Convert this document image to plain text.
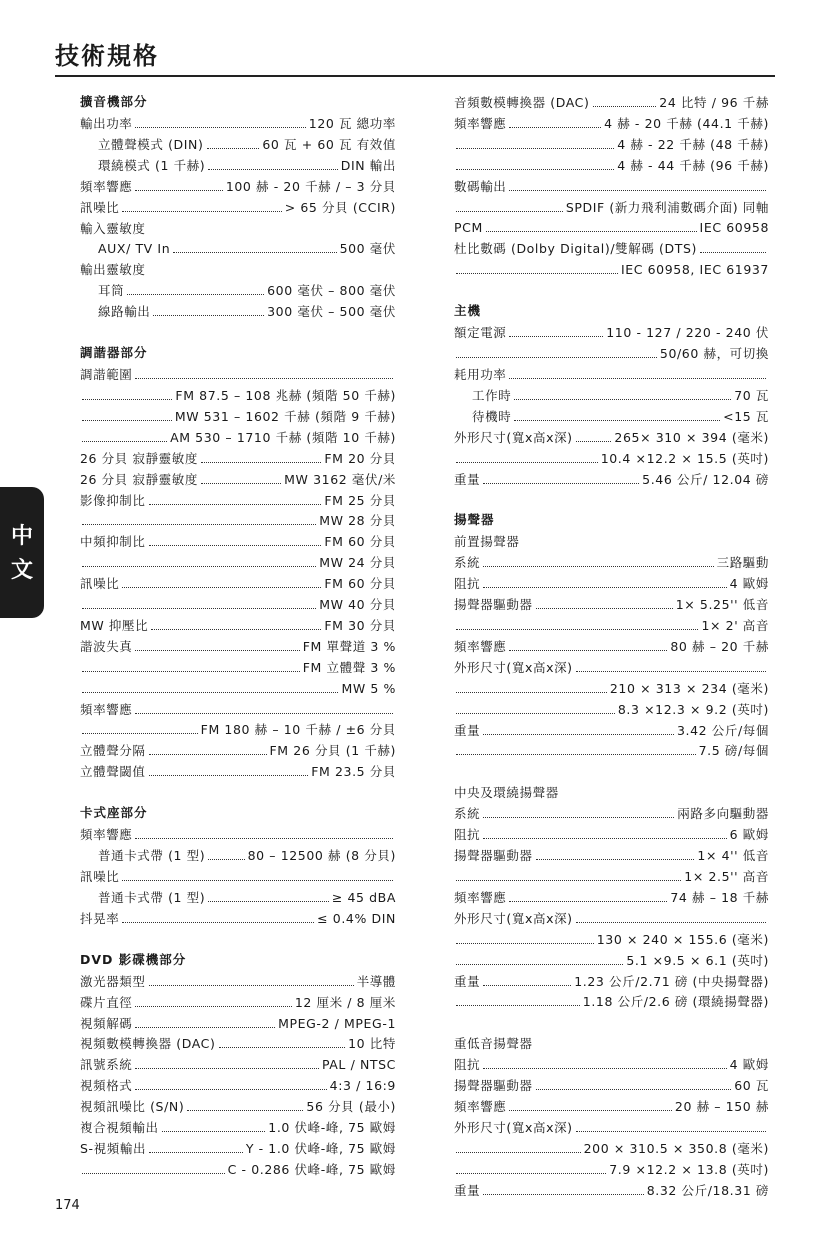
技術規格
擴音機部分
輸出功率	120 瓦 總功率
立體聲模式 (DIN)	60 瓦 + 60 瓦 有效值
環繞模式 (1 千赫)	DIN 輸出
頻率響應	100 赫 - 20 千赫 / – 3 分貝
訊噪比	> 65 分貝 (CCIR)
輸入靈敏度
AUX/ TV In	500 毫伏
輸出靈敏度
耳筒	600 毫伏 – 800 毫伏
線路輸出	300 毫伏 – 500 毫伏
調諧器部分
調諧範圍
FM 87.5 – 108 兆赫 (頻階 50 千赫)
MW 531 – 1602 千赫 (頻階 9 千赫)
AM 530 – 1710 千赫 (頻階 10 千赫)
26 分貝 寂靜靈敏度	FM 20 分貝
26 分貝 寂靜靈敏度	MW 3162 毫伏/米
影像抑制比	FM 25 分貝
MW 28 分貝
中頻抑制比	FM 60 分貝
MW 24 分貝
訊噪比	FM 60 分貝
MW 40 分貝
MW 抑壓比	FM 30 分貝
諧波失真	FM 單聲道 3 %
FM 立體聲 3 %
MW 5 %
頻率響應
FM 180 赫 – 10 千赫 / ±6 分貝
立體聲分隔	FM 26 分貝 (1 千赫)
立體聲閾值	FM 23.5 分貝
卡式座部分
頻率響應
普通卡式帶 (1 型)	80 – 12500 赫 (8 分貝)
訊噪比
普通卡式帶 (1 型)	≥ 45 dBA
抖晃率	≤ 0.4% DIN
DVD 影碟機部分
激光器類型	半導體
碟片直徑	12 厘米 / 8 厘米
視頻解碼	MPEG-2 / MPEG-1
視頻數模轉換器 (DAC)	10 比特
訊號系統	PAL / NTSC
視頻格式	4:3 / 16:9
視頻訊噪比 (S/N)	56 分貝 (最小)
複合視頻輸出	1.0 伏峰-峰, 75 歐姆
S-視頻輸出	Y - 1.0 伏峰-峰, 75 歐姆
C - 0.286 伏峰-峰, 75 歐姆
音頻數模轉換器 (DAC)	24 比特 / 96 千赫
頻率響應	4 赫 - 20 千赫 (44.1 千赫)
4 赫 - 22 千赫 (48 千赫)
4 赫 - 44 千赫 (96 千赫)
數碼輸出
SPDIF (新力飛利浦數碼介面) 同軸
PCM	IEC 60958
杜比數碼 (Dolby Digital)/雙解碼 (DTS)
IEC 60958, IEC 61937
主機
額定電源	110 - 127 / 220 - 240 伏
50/60 赫，可切換
耗用功率
工作時	70 瓦
待機時	<15 瓦
外形尺寸(寬x高x深)	265× 310 × 394 (毫米)
10.4 ×12.2 × 15.5 (英吋)
重量	5.46 公斤/ 12.04 磅
揚聲器
前置揚聲器
系統	三路驅動
阻抗	4 歐姆
揚聲器驅動器	1× 5.25'' 低音
1× 2' 高音
頻率響應	80 赫 – 20 千赫
外形尺寸(寬x高x深)
210 × 313 × 234 (毫米)
8.3 ×12.3 × 9.2 (英吋)
重量	3.42 公斤/每個
7.5 磅/每個
中央及環繞揚聲器
系統	兩路多向驅動器
阻抗	6 歐姆
揚聲器驅動器	1× 4'' 低音
1× 2.5'' 高音
頻率響應	74 赫 – 18 千赫
外形尺寸(寬x高x深)
130 × 240 × 155.6 (毫米)
5.1 ×9.5 × 6.1 (英吋)
重量	1.23 公斤/2.71 磅 (中央揚聲器)
1.18 公斤/2.6 磅 (環繞揚聲器)
重低音揚聲器
阻抗	4 歐姆
揚聲器驅動器	60 瓦
頻率響應	20 赫 – 150 赫
外形尺寸(寬x高x深)
200 × 310.5 × 350.8 (毫米)
7.9 ×12.2 × 13.8 (英吋)
重量	8.32 公斤/18.31 磅
中文
174
